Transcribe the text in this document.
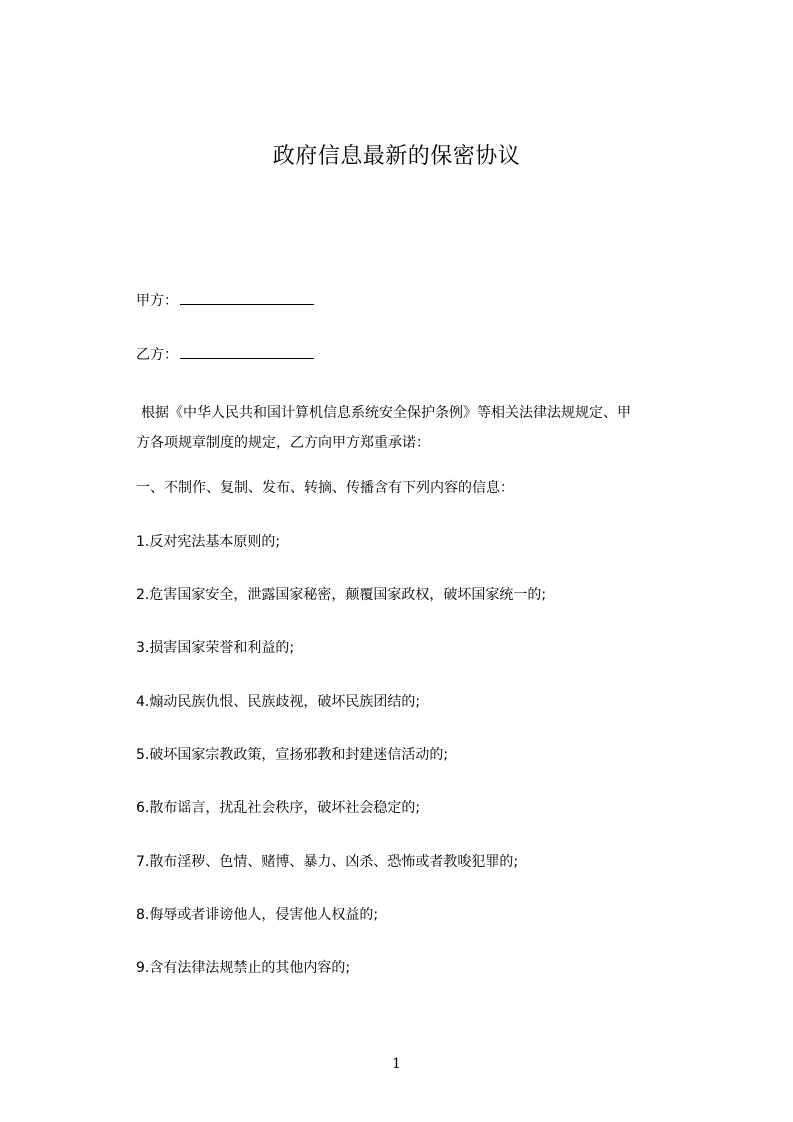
政府信息最新的保密协议
甲方：
乙方：
根据《中华人民共和国计算机信息系统安全保护条例》等相关法律法规规定、甲
方各项规章制度的规定，乙方向甲方郑重承诺：
一、不制作、复制、发布、转摘、传播含有下列内容的信息：
1.反对宪法基本原则的;
2.危害国家安全，泄露国家秘密，颠覆国家政权，破坏国家统一的;
3.损害国家荣誉和利益的;
4.煽动民族仇恨、民族歧视，破坏民族团结的;
5.破坏国家宗教政策，宣扬邪教和封建迷信活动的;
6.散布谣言，扰乱社会秩序，破坏社会稳定的;
7.散布淫秽、色情、赌博、暴力、凶杀、恐怖或者教唆犯罪的;
8.侮辱或者诽谤他人，侵害他人权益的;
9.含有法律法规禁止的其他内容的;
1
